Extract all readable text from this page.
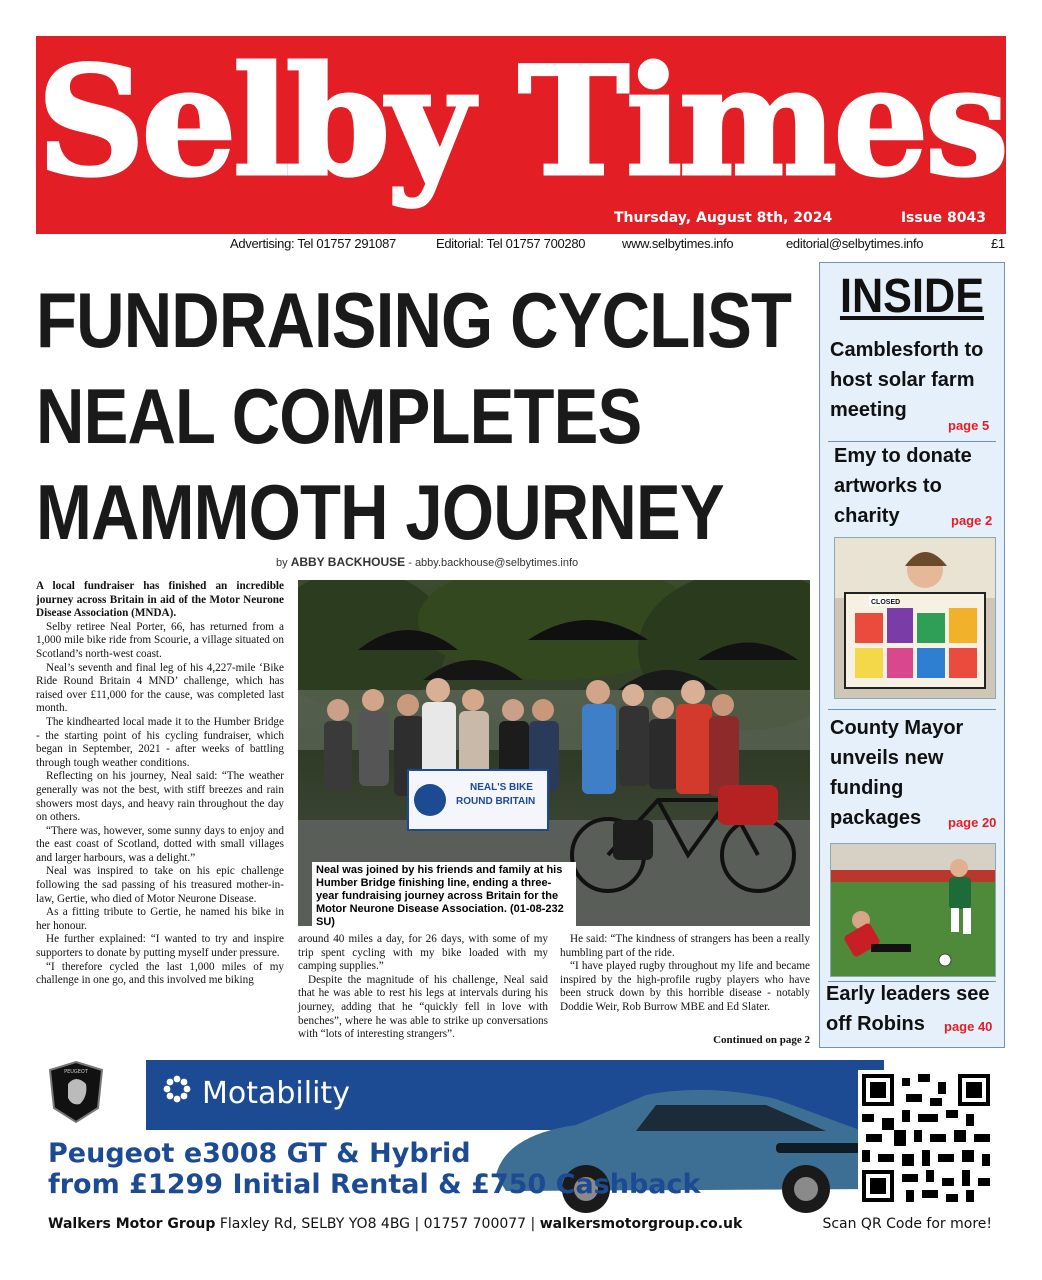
Selby Times
Thursday, August 8th, 2024	Issue 8043
Advertising: Tel 01757 291087	Editorial: Tel 01757 700280	www.selbytimes.info	editorial@selbytimes.info	£1
FUNDRAISING CYCLIST
NEAL COMPLETES
MAMMOTH JOURNEY
by ABBY BACKHOUSE - abby.backhouse@selbytimes.info

A local fundraiser has finished an incredible journey across Britain in aid of the Motor Neurone Disease Association (MNDA).

Selby retiree Neal Porter, 66, has returned from a 1,000 mile bike ride from Scourie, a village situated on Scotland’s north-west coast.

Neal’s seventh and final leg of his 4,227-mile ‘Bike Ride Round Britain 4 MND’ challenge, which has raised over £11,000 for the cause, was completed last month.

The kindhearted local made it to the Humber Bridge - the starting point of his cycling fundraiser, which began in September, 2021 - after weeks of battling through tough weather conditions.

Reflecting on his journey, Neal said: “The weather generally was not the best, with stiff breezes and rain showers most days, and heavy rain throughout the day on others.

“There was, however, some sunny days to enjoy and the east coast of Scotland, dotted with small villages and larger harbours, was a delight.”

Neal was inspired to take on his epic challenge following the sad passing of his treasured mother-in-law, Gertie, who died of Motor Neurone Disease.

As a fitting tribute to Gertie, he named his bike in her honour.

He further explained: “I wanted to try and inspire supporters to donate by putting myself under pressure.

“I therefore cycled the last 1,000 miles of my challenge in one go, and this involved me biking

NEAL'S BIKE
ROUND BRITAIN
Neal was joined by his friends and family at his Humber Bridge finishing line, ending a three-year fundraising journey across Britain for the Motor Neurone Disease Association. (01-08-232 SU)

around 40 miles a day, for 26 days, with some of my trip spent cycling with my bike loaded with my camping supplies.”

Despite the magnitude of his challenge, Neal said that he was able to rest his legs at intervals during his journey, adding that he “quickly fell in love with benches”, where he was able to strike up conversations with “lots of interesting strangers”.

He said: “The kindness of strangers has been a really humbling part of the ride.

“I have played rugby throughout my life and became inspired by the high-profile rugby players who have been struck down by this horrible disease - notably Doddie Weir, Rob Burrow MBE and Ed Slater.

Continued on page 2
INSIDE
Camblesforth to host solar farm meeting
page 5
Emy to donate artworks to charity	page 2
CLOSED
County Mayor unveils new funding packages	page 20
Early leaders see off Robins	page 40
PEUGEOT
Motability
Peugeot e3008 GT & Hybrid
from £1299 Initial Rental & £750 Cashback
Walkers Motor Group Flaxley Rd, SELBY YO8 4BG | 01757 700077 | walkersmotorgroup.co.uk	Scan QR Code for more!
